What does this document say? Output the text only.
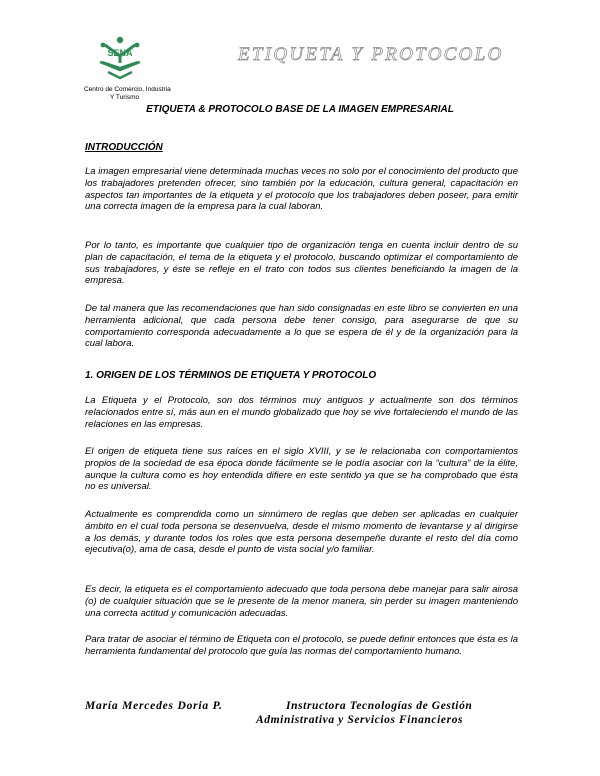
SENA
Centro de Comercio, Industria
Y Turismo
ETIQUETA Y PROTOCOLO
ETIQUETA & PROTOCOLO BASE DE LA IMAGEN EMPRESARIAL
INTRODUCCIÓN

La imagen empresarial viene determinada muchas veces no solo por el conocimiento del producto que los trabajadores pretenden ofrecer, sino también por la educación, cultura general, capacitación en aspectos tan importantes de la etiqueta y el protocolo que los trabajadores deben poseer, para emitir una correcta imagen de la empresa para la cual laboran.

Por lo tanto, es importante que cualquier tipo de organización tenga en cuenta incluir dentro de su plan de capacitación, el tema de la etiqueta y el protocolo, buscando optimizar el comportamiento de sus trabajadores, y éste se refleje en el trato con todos sus clientes beneficiando la imagen de la empresa.

De tal manera que las recomendaciones que han sido consignadas en este libro se convierten en una herramienta adicional, que cada persona debe tener consigo, para asegurarse de que su comportamiento corresponda adecuadamente a lo que se espera de él y de la organización para la cual labora.

1. ORIGEN DE LOS TÉRMINOS DE ETIQUETA Y PROTOCOLO

La Etiqueta y el Protocolo, son dos términos muy antiguos y actualmente son dos términos relacionados entre sí, más aun en el mundo globalizado que hoy se vive fortaleciendo el mundo de las relaciones en las empresas.

El origen de etiqueta tiene sus raíces en el siglo XVIII, y se le relacionaba con comportamientos propios de la sociedad de esa época donde fácilmente se le podía asociar con la “cultura” de la élite, aunque la cultura como es hoy entendida difiere en este sentido ya que se ha comprobado que ésta no es universal.

Actualmente es comprendida como un sinnúmero de reglas que deben ser aplicadas en cualquier ámbito en el cual toda persona se desenvuelva, desde el mismo momento de levantarse y al dirigirse a los demás, y durante todos los roles que esta persona desempeñe durante el resto del día como ejecutiva(o), ama de casa, desde el punto de vista social y/o familiar.

Es decir, la etiqueta es el comportamiento adecuado que toda persona debe manejar para salir airosa (o) de cualquier situación que se le presente de la menor manera, sin perder su imagen manteniendo una correcta actitud y comunicación adecuadas.

Para tratar de asociar el término de Etiqueta con el protocolo, se puede definir entonces que ésta es la herramienta fundamental del protocolo que guía las normas del comportamiento humano.

María Mercedes Doria P.	Instructora Tecnologías de Gestión
Administrativa y Servicios Financieros
